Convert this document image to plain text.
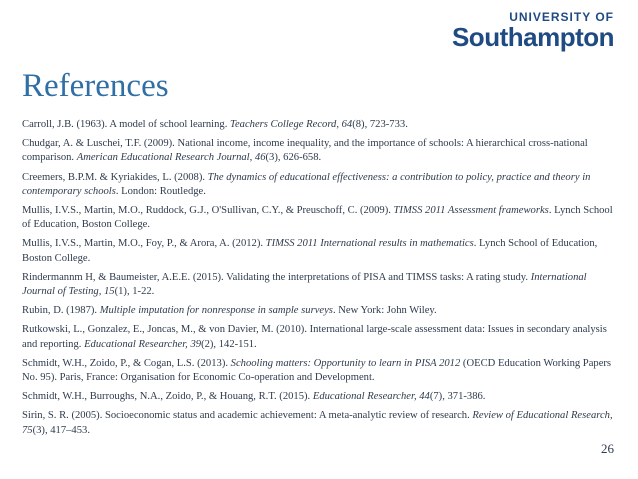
UNIVERSITY OF
Southampton
References

Carroll, J.B. (1963). A model of school learning. Teachers College Record, 64(8), 723-733.

Chudgar, A. & Luschei, T.F. (2009). National income, income inequality, and the importance of schools: A hierarchical cross-national comparison. American Educational Research Journal, 46(3), 626-658.

Creemers, B.P.M. & Kyriakides, L. (2008). The dynamics of educational effectiveness: a contribution to policy, practice and theory in contemporary schools. London: Routledge.

Mullis, I.V.S., Martin, M.O., Ruddock, G.J., O'Sullivan, C.Y., & Preuschoff, C. (2009). TIMSS 2011 Assessment frameworks. Lynch School of Education, Boston College.

Mullis, I.V.S., Martin, M.O., Foy, P., & Arora, A. (2012). TIMSS 2011 International results in mathematics. Lynch School of Education, Boston College.

Rindermannm H, & Baumeister, A.E.E. (2015). Validating the interpretations of PISA and TIMSS tasks: A rating study. International Journal of Testing, 15(1), 1-22.

Rubin, D. (1987). Multiple imputation for nonresponse in sample surveys. New York: John Wiley.

Rutkowski, L., Gonzalez, E., Joncas, M., & von Davier, M. (2010). International large-scale assessment data: Issues in secondary analysis and reporting. Educational Researcher, 39(2), 142-151.

Schmidt, W.H., Zoido, P., & Cogan, L.S. (2013). Schooling matters: Opportunity to learn in PISA 2012 (OECD Education Working Papers No. 95). Paris, France: Organisation for Economic Co-operation and Development.

Schmidt, W.H., Burroughs, N.A., Zoido, P., & Houang, R.T. (2015). Educational Researcher, 44(7), 371-386.

Sirin, S. R. (2005). Socioeconomic status and academic achievement: A meta-analytic review of research. Review of Educational Research, 75(3), 417–453.

26
